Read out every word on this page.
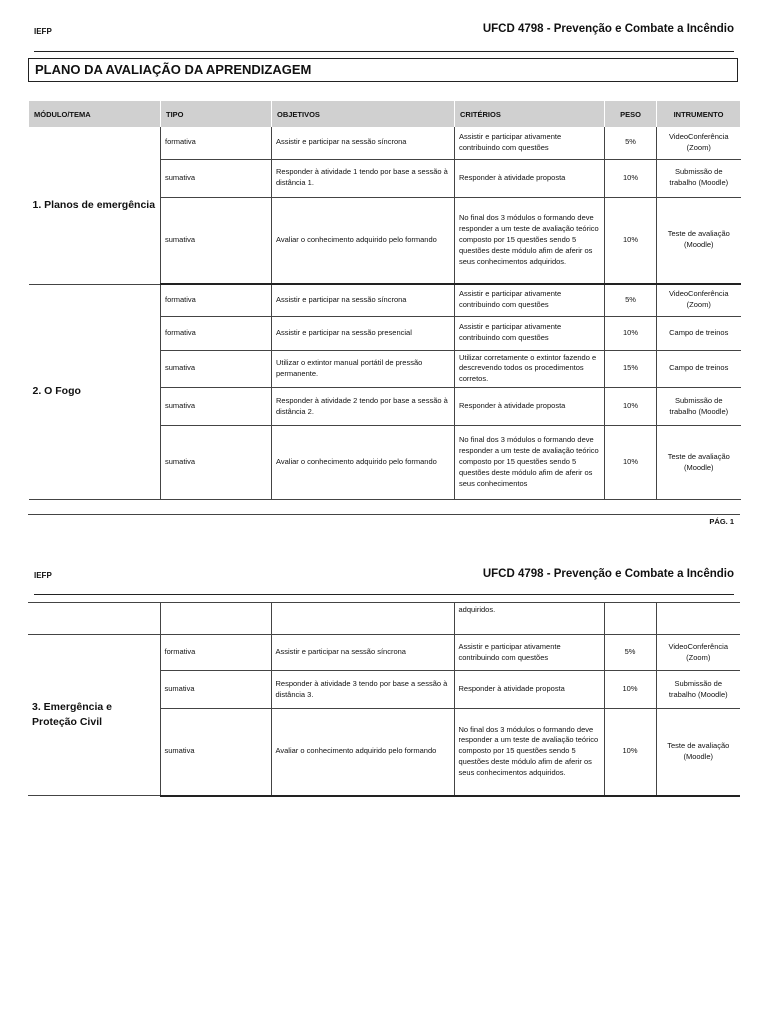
IEFP	UFCD 4798 - Prevenção e Combate a Incêndio
PLANO DA AVALIAÇÃO DA APRENDIZAGEM
MÓDULO/TEMA	TIPO	OBJETIVOS	CRITÉRIOS	PESO	INTRUMENTO
1. Planos de emergência	formativa	Assistir e participar na sessão síncrona	Assistir e participar ativamente contribuindo com questões	5%	VideoConferência (Zoom)
	sumativa	Responder à atividade 1 tendo por base a sessão à distância 1.	Responder à atividade proposta	10%	Submissão de trabalho (Moodle)
	sumativa	Avaliar o conhecimento adquirido pelo formando	No final dos 3 módulos o formando deve responder a um teste de avaliação teórico composto por 15 questões sendo 5 questões deste módulo afim de aferir os seus conhecimentos adquiridos.	10%	Teste de avaliação (Moodle)
2. O Fogo	formativa	Assistir e participar na sessão síncrona	Assistir e participar ativamente contribuindo com questões	5%	VideoConferência (Zoom)
	formativa	Assistir e participar na sessão presencial	Assistir e participar ativamente contribuindo com questões	10%	Campo de treinos
	sumativa	Utilizar o extintor manual portátil de pressão permanente.	Utilizar corretamente o extintor fazendo e descrevendo todos os procedimentos corretos.	15%	Campo de treinos
	sumativa	Responder à atividade 2 tendo por base a sessão à distância 2.	Responder à atividade proposta	10%	Submissão de trabalho (Moodle)
	sumativa	Avaliar o conhecimento adquirido pelo formando	No final dos 3 módulos o formando deve responder a um teste de avaliação teórico composto por 15 questões sendo 5 questões deste módulo afim de aferir os seus conhecimentos	10%	Teste de avaliação (Moodle)
PÁG. 1
IEFP	UFCD 4798 - Prevenção e Combate a Incêndio
			adquiridos.		
3. Emergência e Proteção Civil	formativa	Assistir e participar na sessão síncrona	Assistir e participar ativamente contribuindo com questões	5%	VideoConferência (Zoom)
	sumativa	Responder à atividade 3 tendo por base a sessão à distância 3.	Responder à atividade proposta	10%	Submissão de trabalho (Moodle)
	sumativa	Avaliar o conhecimento adquirido pelo formando	No final dos 3 módulos o formando deve responder a um teste de avaliação teórico composto por 15 questões sendo 5 questões deste módulo afim de aferir os seus conhecimentos adquiridos.	10%	Teste de avaliação (Moodle)
